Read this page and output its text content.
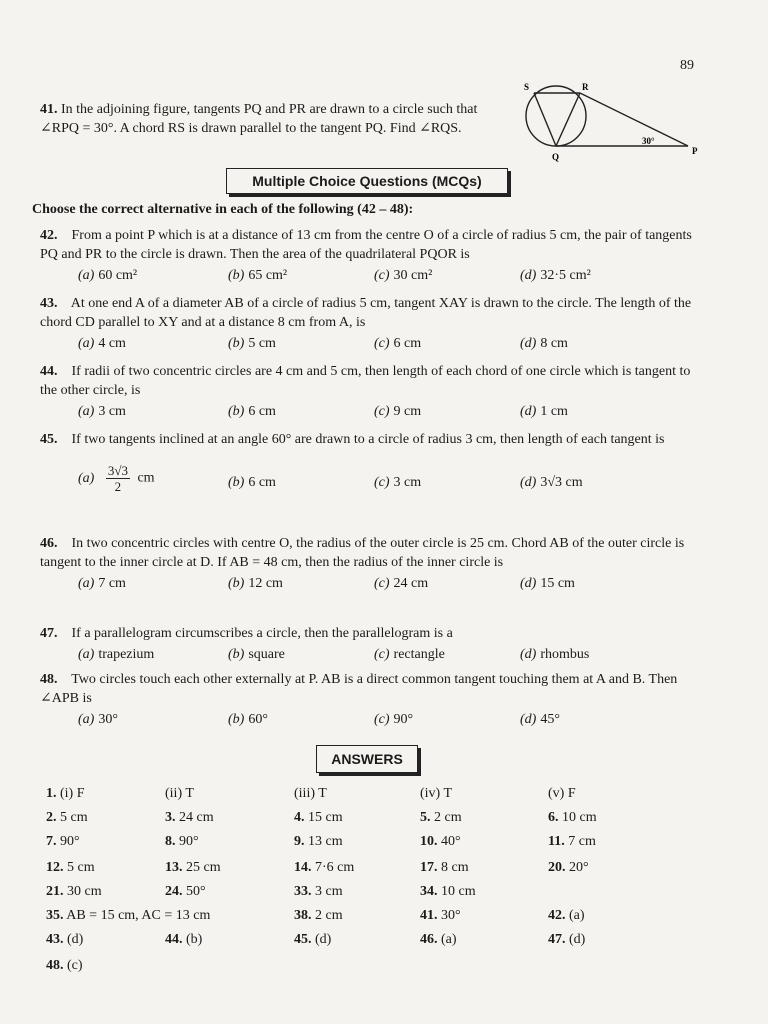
89
41. In the adjoining figure, tangents PQ and PR are drawn to a circle such that ∠RPQ = 30°. A chord RS is drawn parallel to the tangent PQ. Find ∠RQS.
S	R
Q
P
30°
Multiple Choice Questions (MCQs)
Choose the correct alternative in each of the following (42 – 48):
42. From a point P which is at a distance of 13 cm from the centre O of a circle of radius 5 cm, the pair of tangents PQ and PR to the circle is drawn. Then the area of the quadrilateral PQOR is
(a) 60 cm²	(b) 65 cm²	(c) 30 cm²	(d) 32·5 cm²
43. At one end A of a diameter AB of a circle of radius 5 cm, tangent XAY is drawn to the circle. The length of the chord CD parallel to XY and at a distance 8 cm from A, is
(a) 4 cm	(b) 5 cm	(c) 6 cm	(d) 8 cm
44. If radii of two concentric circles are 4 cm and 5 cm, then length of each chord of one circle which is tangent to the other circle, is
(a) 3 cm	(b) 6 cm	(c) 9 cm	(d) 1 cm
45. If two tangents inclined at an angle 60° are drawn to a circle of radius 3 cm, then length of each tangent is
$(a) \frac{3√3}{2}$ cm	(b) 6 cm	(c) 3 cm	(d) 3√3 cm
46. In two concentric circles with centre O, the radius of the outer circle is 25 cm. Chord AB of the outer circle is tangent to the inner circle at D. If AB = 48 cm, then the radius of the inner circle is
(a) 7 cm	(b) 12 cm	(c) 24 cm	(d) 15 cm
47. If a parallelogram circumscribes a circle, then the parallelogram is a
(a) trapezium	(b) square	(c) rectangle	(d) rhombus
48. Two circles touch each other externally at P. AB is a direct common tangent touching them at A and B. Then ∠APB is
(a) 30°	(b) 60°	(c) 90°	(d) 45°
ANSWERS
1. (i) F	(ii) T	(iii) T	(iv) T	(v) F
2. 5 cm	3. 24 cm	4. 15 cm	5. 2 cm	6. 10 cm
7. 90°	8. 90°	9. 13 cm	10. 40°	11. 7 cm
12. 5 cm	13. 25 cm	14. 7·6 cm	17. 8 cm	20. 20°
21. 30 cm	24. 50°	33. 3 cm	34. 10 cm
35. AB = 15 cm, AC = 13 cm	38. 2 cm	41. 30°	42. (a)
43. (d)	44. (b)	45. (d)	46. (a)	47. (d)
48. (c)
